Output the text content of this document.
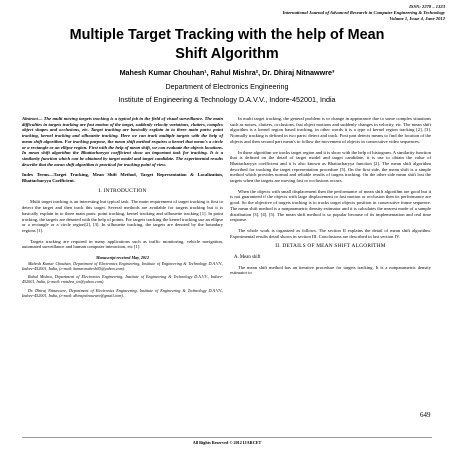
ISSN: 2278 – 1323
International Journal of Advanced Research in Computer Engineering & Technology
Volume 1, Issue 4, June 2012
Multiple Target Tracking with the help of Mean
Shift Algorithm
Mahesh Kumar Chouhan¹, Rahul Mishra², Dr. Dhiraj Nitnawwre³
Department of Electronics Engineering
Institute of Engineering & Technology D.A.V.V., Indore-452001, India

Abstract— The multi moving targets tracking is a typical job in the field of visual surveillance. The main difficulties in targets tracking are fast motion of the target, suddenly velocity variations, clutters, complex object shapes and occlusions, etc. Target tracking are basically explain in to three main parts: point tracking, kernel tracking and silhouette tracking. Here we can track multiple targets with the help of mean shift algorithm. For tracking purpose, the mean shift method requires a kernel that mean's a circle or a rectangle or an ellipse region. First with the help of mean shift, we can evaluate the objects locations. In mean shift algorithm the Bhattacharyya coefficient show an important task for tracking. It is a similarity function which can be obtained by target model and target candidate. The experimental results describe that the mean shift algorithm is practical for tracking point of view.

Index Terms—Target Tracking, Mean Shift Method, Target Representation & Localization, Bhattacharyya Coefficient.

I. INTRODUCTION

Multi target tracking is an interesting but typical task. The main requirement of target tracking is first to detect the target and then track this target. Several methods are available for targets tracking but it is basically explain in to three main parts: point tracking, kernel tracking and silhouette tracking [1]. In point tracking, the targets are denoted with the help of points. For targets tracking the kernel tracking use an ellipse or a rectangle or a circle region[2], [3]. In silhouette tracking, the targets are denoted by the boundary regions [1].

Targets tracking are required in many applications such as traffic monitoring, vehicle navigation, automated surveillance and human computer interaction, etc [1].

Manuscript received May, 2012

Mahesh Kumar Chouhan, Department of Electronics Engineering, Institute of Engineering & Technology D.A.V.V., Indore-452001, India, (e-mail: kumar.mahesh05@yahoo.com).

Rahul Mishra, Department of Electronics Engineering, Institute of Engineering & Technology D.A.V.V., Indore-452001, India, (e-mail: rmishra_iet@yahoo.com).

Dr. Dhiraj Nitnawwre, Department of Electronics Engineering, Institute of Engineering & Technology D.A.V.V., Indore-452001, India, (e-mail: dhirajnitnawwre@gmail.com).

In multi target tracking, the general problem is to change in appearance due to some complex situations such as noises, clutters, occlusions, fast object motions and suddenly changes in velocity, etc. The mean shift algorithm is a kernel region based tracking, in other words it is a type of kernel region tracking [2], [3]. Normally tracking is defined in two parts: detect and track. First part detects means to find the location of the objects and then second part mean's to follow the movement of objects in consecutive video sequences.

In these algorithm we tracks target region and it is show with the help of histogram. A similarity function that is defined on the detail of target model and target candidate, it is use to obtain the value of Bhattacharyya coefficient and it is also known as Bhattacharyya function [2]. The mean shift algorithm described for tracking the target representation procedure [5]. On the first side, the mean shift is a simple method which provides normal and reliable results of targets tracking. On the other side mean shift lost the targets when the targets are moving fast or occlusions occurs.

When the objects with small displacement then the performance of mean shift algorithm are good but it is not guaranteed if the objects with large displacement or fast motion or occlusion then its performance are good. So the objective of targets tracking is to tracks target objects position in consecutive frame sequence. The mean shift method is a nonparametric density estimator and it is calculates the nearest mode of a sample distribution [3], [4], [5]. The mean shift method is so popular because of its implementation and real time response.

The whole work is organized as follows. The section II explains the detail of mean shift algorithm. Experimental results detail shows in section III. Conclusions are described in last section IV.

II. DETAILS OF MEAN SHIFT ALGORITHM
A. Mean shift

The mean shift method has an iterative procedure for targets tracking. It is a nonparametric density estimator to

649
All Rights Reserved © 2012 IJARCET
